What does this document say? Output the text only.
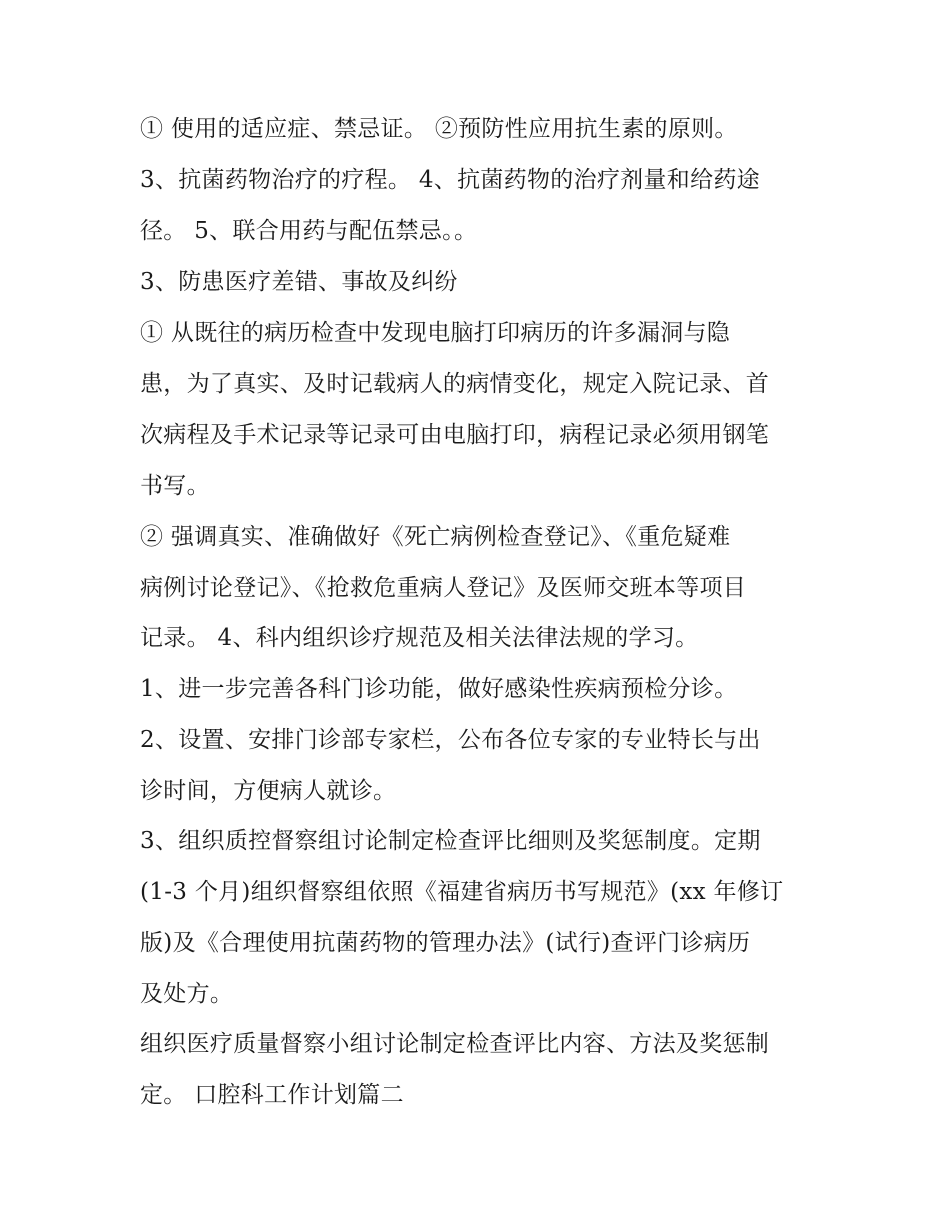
① 使用的适应症、禁忌证。 ②预防性应用抗生素的原则。
3、抗菌药物治疗的疗程。 4、抗菌药物的治疗剂量和给药途
径。 5、联合用药与配伍禁忌。。
3、防患医疗差错、事故及纠纷
① 从既往的病历检查中发现电脑打印病历的许多漏洞与隐
患，为了真实、及时记载病人的病情变化，规定入院记录、首
次病程及手术记录等记录可由电脑打印，病程记录必须用钢笔
书写。
② 强调真实、准确做好《死亡病例检查登记》、《重危疑难
病例讨论登记》、《抢救危重病人登记》及医师交班本等项目
记录。 4、科内组织诊疗规范及相关法律法规的学习。
1、进一步完善各科门诊功能，做好感染性疾病预检分诊。
2、设置、安排门诊部专家栏，公布各位专家的专业特长与出
诊时间，方便病人就诊。
3、组织质控督察组讨论制定检查评比细则及奖惩制度。定期
(1-3 个月)组织督察组依照《福建省病历书写规范》(xx 年修订
版)及《合理使用抗菌药物的管理办法》(试行)查评门诊病历
及处方。
组织医疗质量督察小组讨论制定检查评比内容、方法及奖惩制
定。 口腔科工作计划篇二
